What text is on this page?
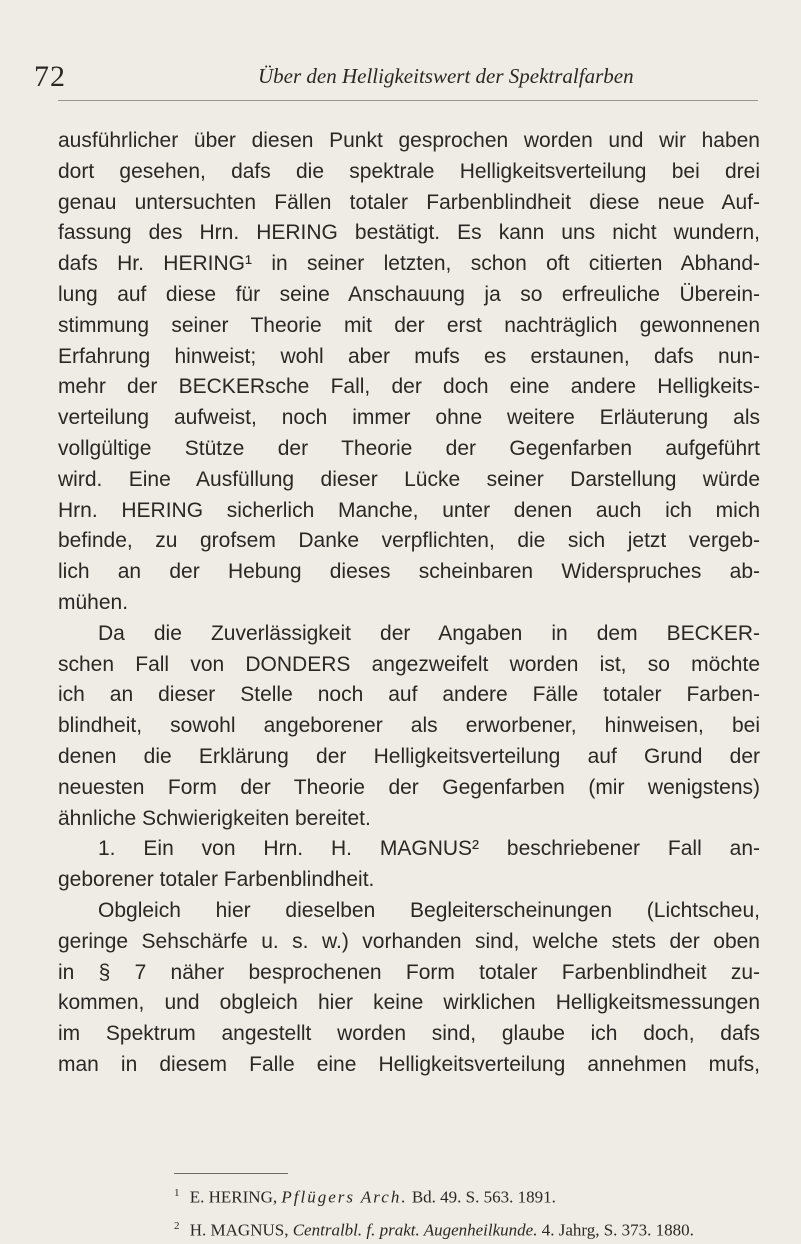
72	Über den Helligkeitswert der Spektralfarben
ausführlicher über diesen Punkt gesprochen worden und wir haben
dort gesehen, dafs die spektrale Helligkeitsverteilung bei drei
genau untersuchten Fällen totaler Farbenblindheit diese neue Auf-
fassung des Hrn. HERING bestätigt. Es kann uns nicht wundern,
dafs Hr. HERING¹ in seiner letzten, schon oft citierten Abhand-
lung auf diese für seine Anschauung ja so erfreuliche Überein-
stimmung seiner Theorie mit der erst nachträglich gewonnenen
Erfahrung hinweist; wohl aber mufs es erstaunen, dafs nun-
mehr der BECKERsche Fall, der doch eine andere Helligkeits-
verteilung aufweist, noch immer ohne weitere Erläuterung als
vollgültige Stütze der Theorie der Gegenfarben aufgeführt
wird. Eine Ausfüllung dieser Lücke seiner Darstellung würde
Hrn. HERING sicherlich Manche, unter denen auch ich mich
befinde, zu grofsem Danke verpflichten, die sich jetzt vergeb-
lich an der Hebung dieses scheinbaren Widerspruches ab-
mühen.
Da die Zuverlässigkeit der Angaben in dem BECKER-
schen Fall von DONDERS angezweifelt worden ist, so möchte
ich an dieser Stelle noch auf andere Fälle totaler Farben-
blindheit, sowohl angeborener als erworbener, hinweisen, bei
denen die Erklärung der Helligkeitsverteilung auf Grund der
neuesten Form der Theorie der Gegenfarben (mir wenigstens)
ähnliche Schwierigkeiten bereitet.
1. Ein von Hrn. H. MAGNUS² beschriebener Fall an-
geborener totaler Farbenblindheit.
Obgleich hier dieselben Begleiterscheinungen (Lichtscheu,
geringe Sehschärfe u. s. w.) vorhanden sind, welche stets der oben
in § 7 näher besprochenen Form totaler Farbenblindheit zu-
kommen, und obgleich hier keine wirklichen Helligkeitsmessungen
im Spektrum angestellt worden sind, glaube ich doch, dafs
man in diesem Falle eine Helligkeitsverteilung annehmen mufs,
$^1$ E. HERING, Pflügers Arch. Bd. 49. S. 563. 1891.
$^2$ H. MAGNUS, Centralbl. f. prakt. Augenheilkunde. 4. Jahrg, S. 373. 1880.
